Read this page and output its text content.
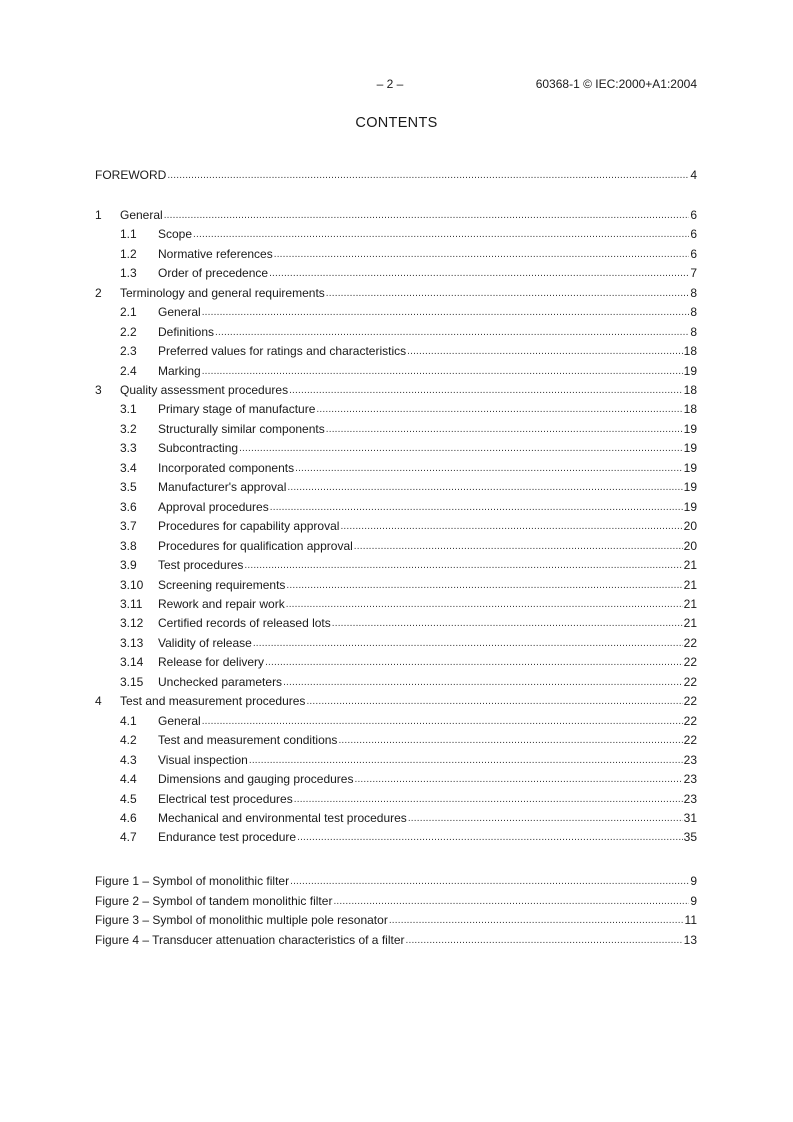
– 2 –	60368-1 © IEC:2000+A1:2004
CONTENTS
FOREWORD .....	4
1	General .....	6
1.1	Scope .....	6
1.2	Normative references .....	6
1.3	Order of precedence .....	7
2	Terminology and general requirements .....	8
2.1	General .....	8
2.2	Definitions .....	8
2.3	Preferred values for ratings and characteristics .....	18
2.4	Marking .....	19
3	Quality assessment procedures .....	18
3.1	Primary stage of manufacture .....	18
3.2	Structurally similar components .....	19
3.3	Subcontracting .....	19
3.4	Incorporated components .....	19
3.5	Manufacturer's approval .....	19
3.6	Approval procedures .....	19
3.7	Procedures for capability approval .....	20
3.8	Procedures for qualification approval .....	20
3.9	Test procedures .....	21
3.10	Screening requirements .....	21
3.11	Rework and repair work .....	21
3.12	Certified records of released lots .....	21
3.13	Validity of release .....	22
3.14	Release for delivery .....	22
3.15	Unchecked parameters .....	22
4	Test and measurement procedures .....	22
4.1	General .....	22
4.2	Test and measurement conditions .....	22
4.3	Visual inspection .....	23
4.4	Dimensions and gauging procedures .....	23
4.5	Electrical test procedures .....	23
4.6	Mechanical and environmental test procedures .....	31
4.7	Endurance test procedure .....	35
Figure 1 – Symbol of monolithic filter .....	9
Figure 2 – Symbol of tandem monolithic filter .....	9
Figure 3 – Symbol of monolithic multiple pole resonator .....	11
Figure 4 – Transducer attenuation characteristics of a filter .....	13
